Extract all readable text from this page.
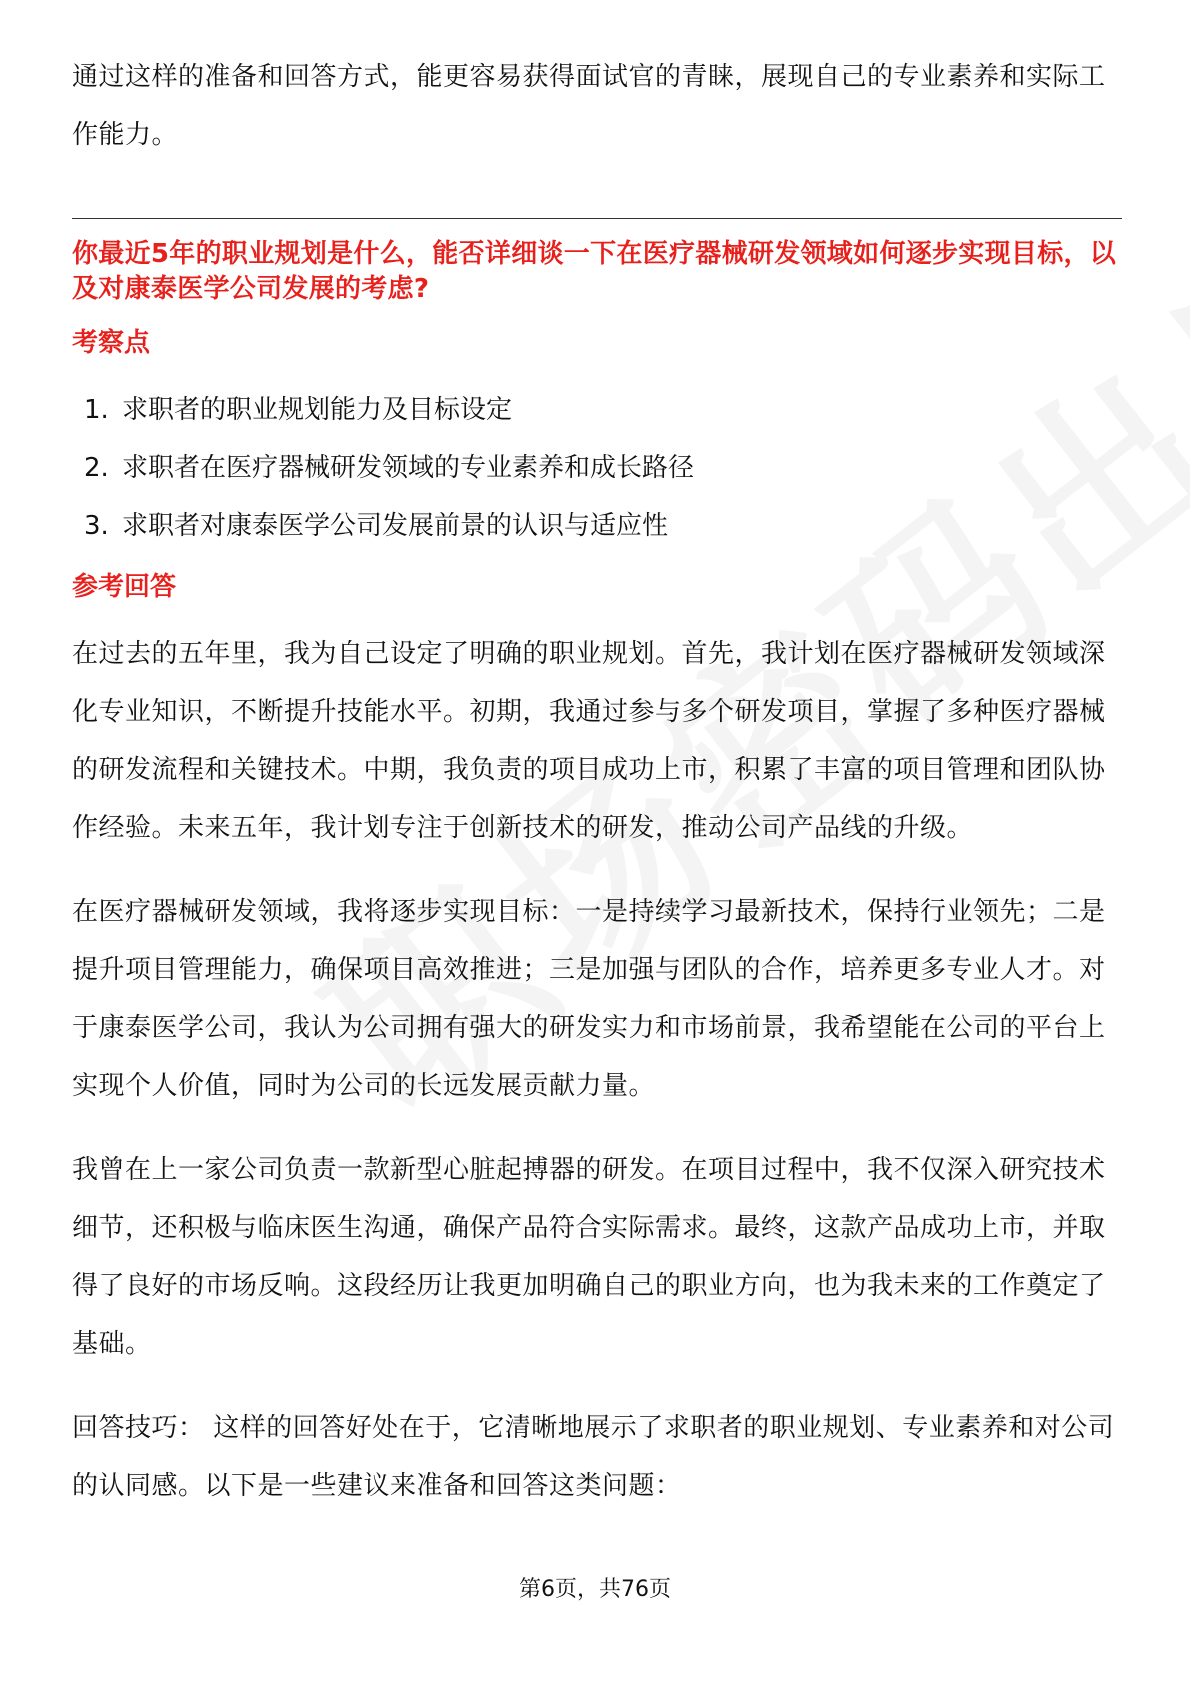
通过这样的准备和回答方式，能更容易获得面试官的青睐，展现自己的专业素养和实际工作能力。

你最近5年的职业规划是什么，能否详细谈一下在医疗器械研发领域如何逐步实现目标，以及对康泰医学公司发展的考虑?

考察点
1. 求职者的职业规划能力及目标设定
2. 求职者在医疗器械研发领域的专业素养和成长路径
3. 求职者对康泰医学公司发展前景的认识与适应性
参考回答

在过去的五年里，我为自己设定了明确的职业规划。首先，我计划在医疗器械研发领域深化专业知识，不断提升技能水平。初期，我通过参与多个研发项目，掌握了多种医疗器械的研发流程和关键技术。中期，我负责的项目成功上市，积累了丰富的项目管理和团队协作经验。未来五年，我计划专注于创新技术的研发，推动公司产品线的升级。

在医疗器械研发领域，我将逐步实现目标：一是持续学习最新技术，保持行业领先；二是提升项目管理能力，确保项目高效推进；三是加强与团队的合作，培养更多专业人才。对于康泰医学公司，我认为公司拥有强大的研发实力和市场前景，我希望能在公司的平台上实现个人价值，同时为公司的长远发展贡献力量。

我曾在上一家公司负责一款新型心脏起搏器的研发。在项目过程中，我不仅深入研究技术细节，还积极与临床医生沟通，确保产品符合实际需求。最终，这款产品成功上市，并取得了良好的市场反响。这段经历让我更加明确自己的职业方向，也为我未来的工作奠定了基础。

回答技巧： 这样的回答好处在于，它清晰地展示了求职者的职业规划、专业素养和对公司的认同感。以下是一些建议来准备和回答这类问题：

第6页，共76页
